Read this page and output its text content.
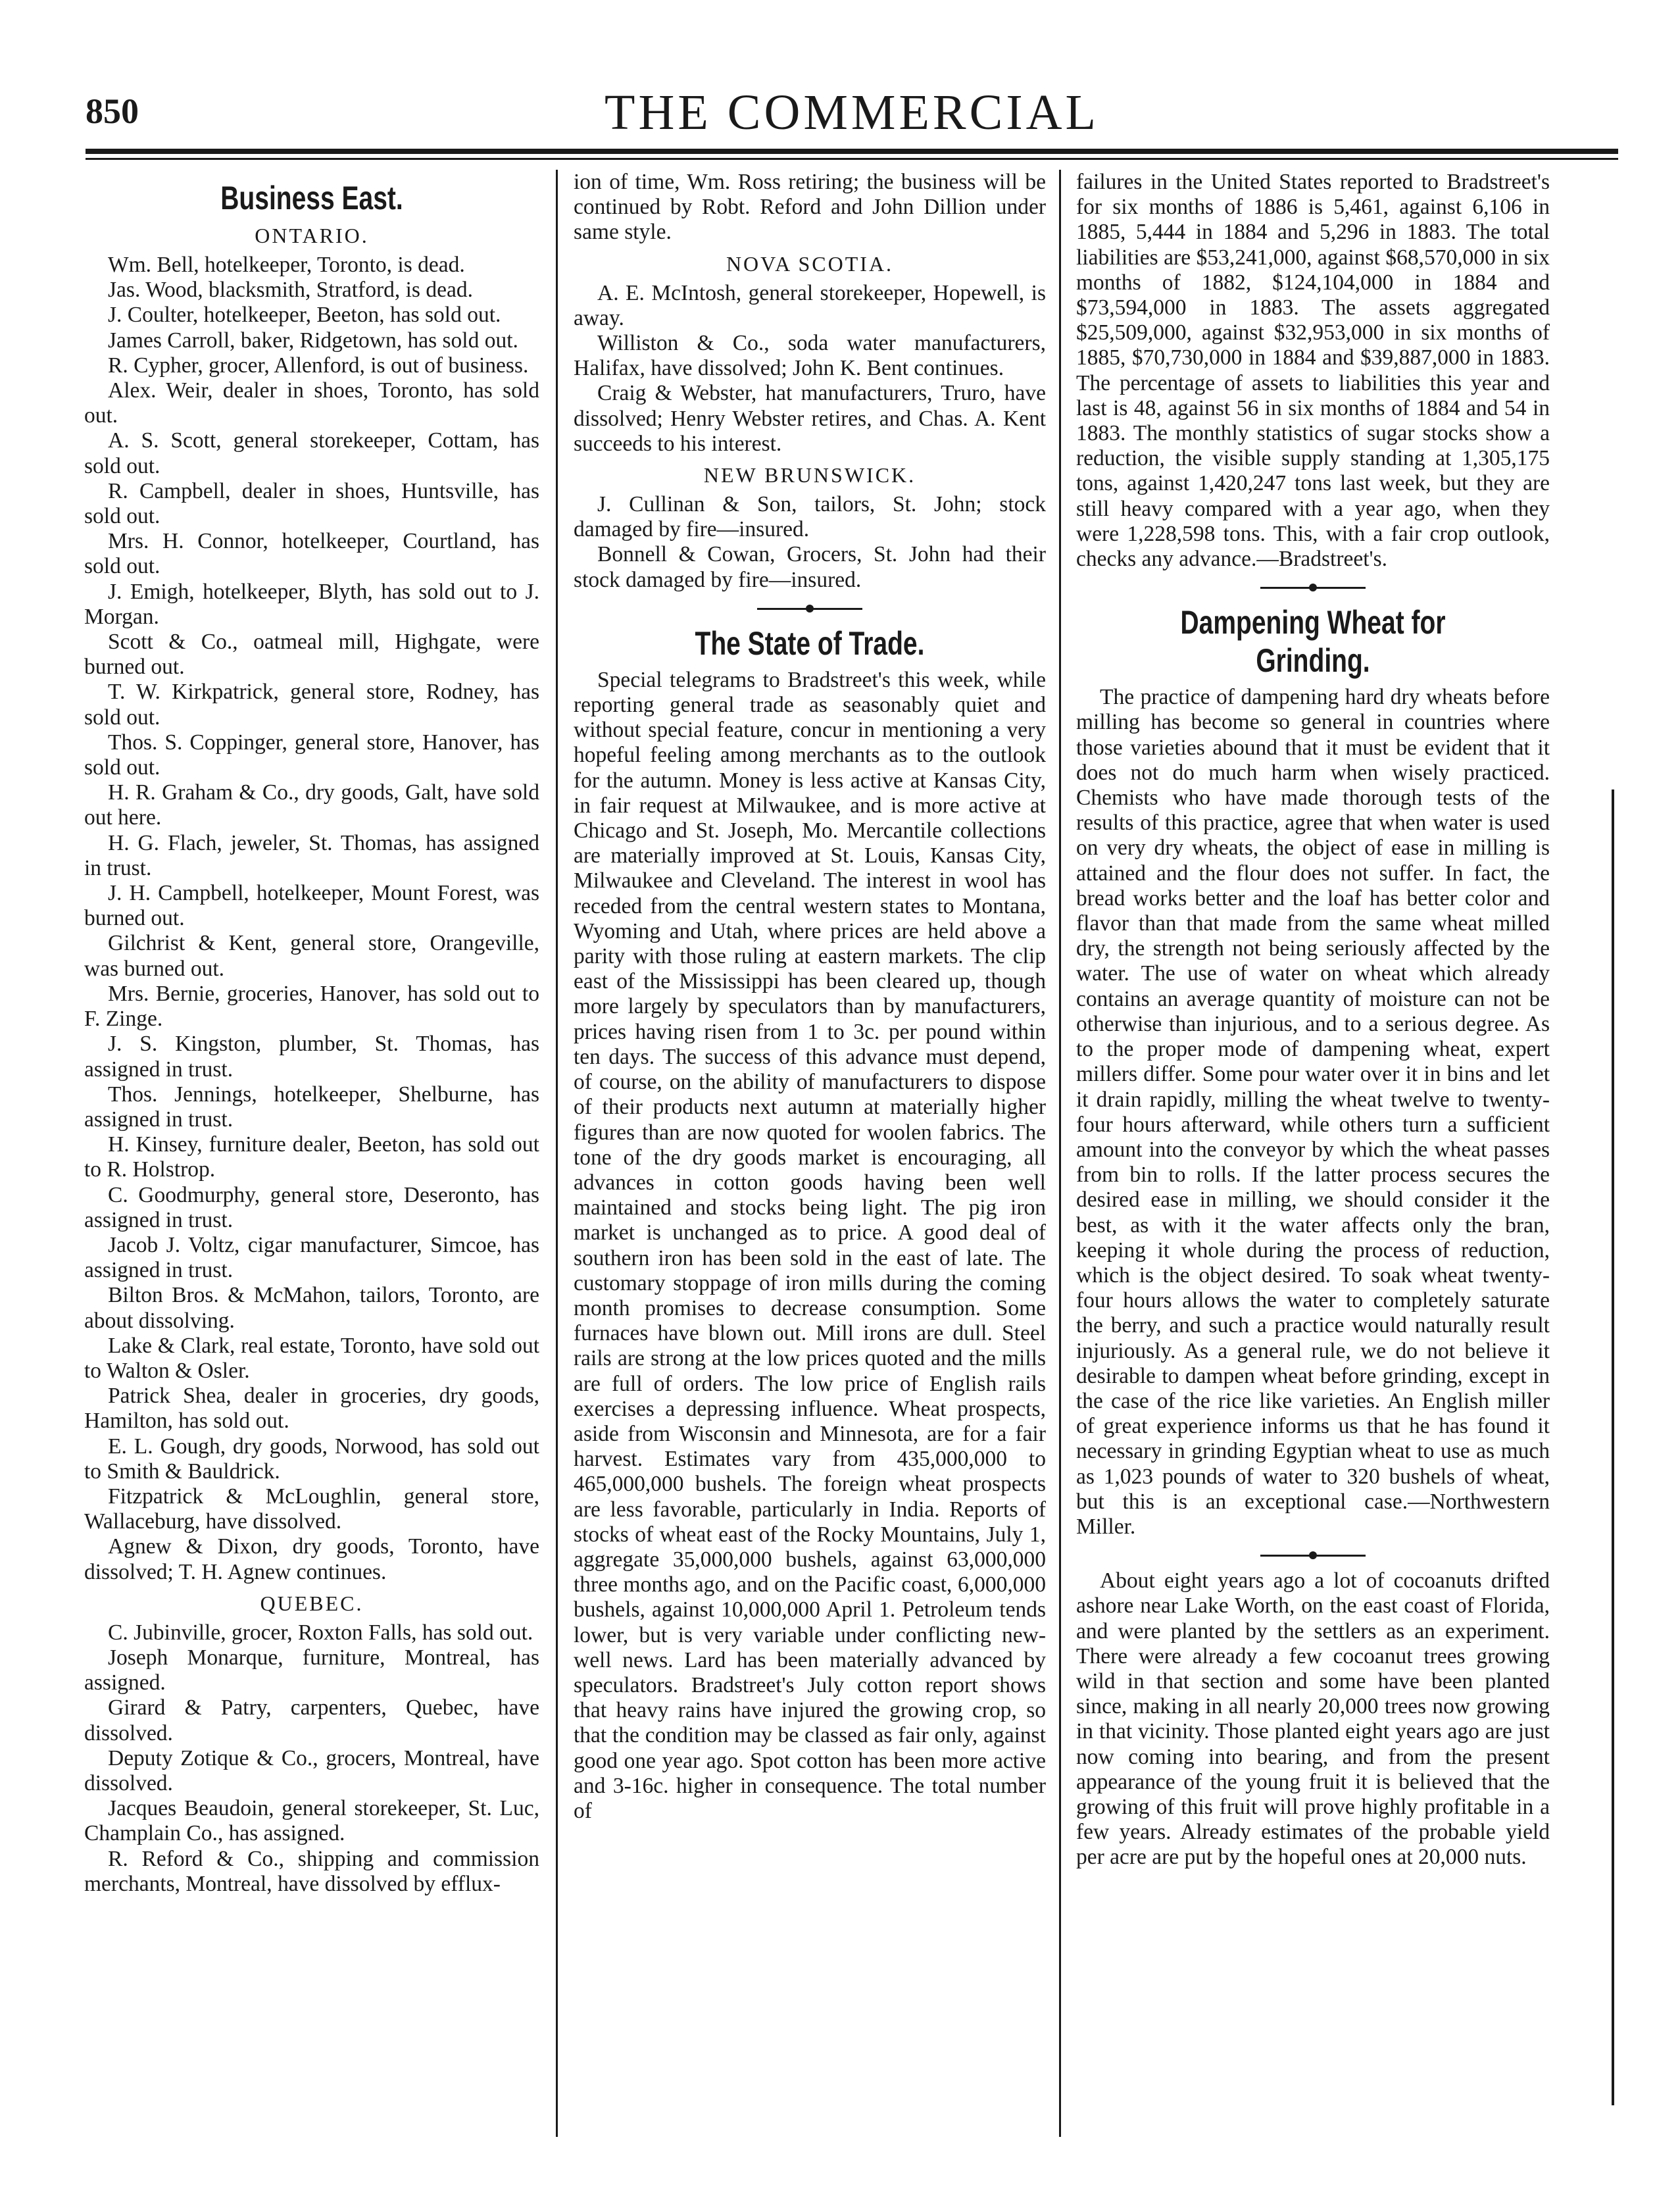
850	THE COMMERCIAL
Business East.
ONTARIO.

Wm. Bell, hotelkeeper, Toronto, is dead.

Jas. Wood, blacksmith, Stratford, is dead.

J. Coulter, hotelkeeper, Beeton, has sold out.

James Carroll, baker, Ridgetown, has sold out.

R. Cypher, grocer, Allenford, is out of business.

Alex. Weir, dealer in shoes, Toronto, has sold out.

A. S. Scott, general storekeeper, Cottam, has sold out.

R. Campbell, dealer in shoes, Huntsville, has sold out.

Mrs. H. Connor, hotelkeeper, Courtland, has sold out.

J. Emigh, hotelkeeper, Blyth, has sold out to J. Morgan.

Scott & Co., oatmeal mill, Highgate, were burned out.

T. W. Kirkpatrick, general store, Rodney, has sold out.

Thos. S. Coppinger, general store, Hanover, has sold out.

H. R. Graham & Co., dry goods, Galt, have sold out here.

H. G. Flach, jeweler, St. Thomas, has assigned in trust.

J. H. Campbell, hotelkeeper, Mount Forest, was burned out.

Gilchrist & Kent, general store, Orangeville, was burned out.

Mrs. Bernie, groceries, Hanover, has sold out to F. Zinge.

J. S. Kingston, plumber, St. Thomas, has assigned in trust.

Thos. Jennings, hotelkeeper, Shelburne, has assigned in trust.

H. Kinsey, furniture dealer, Beeton, has sold out to R. Holstrop.

C. Goodmurphy, general store, Deseronto, has assigned in trust.

Jacob J. Voltz, cigar manufacturer, Simcoe, has assigned in trust.

Bilton Bros. & McMahon, tailors, Toronto, are about dissolving.

Lake & Clark, real estate, Toronto, have sold out to Walton & Osler.

Patrick Shea, dealer in groceries, dry goods, Hamilton, has sold out.

E. L. Gough, dry goods, Norwood, has sold out to Smith & Bauldrick.

Fitzpatrick & McLoughlin, general store, Wallaceburg, have dissolved.

Agnew & Dixon, dry goods, Toronto, have dissolved; T. H. Agnew continues.

QUEBEC.

C. Jubinville, grocer, Roxton Falls, has sold out.

Joseph Monarque, furniture, Montreal, has assigned.

Girard & Patry, carpenters, Quebec, have dissolved.

Deputy Zotique & Co., grocers, Montreal, have dissolved.

Jacques Beaudoin, general storekeeper, St. Luc, Champlain Co., has assigned.

R. Reford & Co., shipping and commission merchants, Montreal, have dissolved by efflux-

ion of time, Wm. Ross retiring; the business will be continued by Robt. Reford and John Dillion under same style.

NOVA SCOTIA.

A. E. McIntosh, general storekeeper, Hopewell, is away.

Williston & Co., soda water manufacturers, Halifax, have dissolved; John K. Bent continues.

Craig & Webster, hat manufacturers, Truro, have dissolved; Henry Webster retires, and Chas. A. Kent succeeds to his interest.

NEW BRUNSWICK.

J. Cullinan & Son, tailors, St. John; stock damaged by fire—insured.

Bonnell & Cowan, Grocers, St. John had their stock damaged by fire—insured.

The State of Trade.

Special telegrams to Bradstreet's this week, while reporting general trade as seasonably quiet and without special feature, concur in mentioning a very hopeful feeling among merchants as to the outlook for the autumn. Money is less active at Kansas City, in fair request at Milwaukee, and is more active at Chicago and St. Joseph, Mo. Mercantile collections are materially improved at St. Louis, Kansas City, Milwaukee and Cleveland. The interest in wool has receded from the central western states to Montana, Wyoming and Utah, where prices are held above a parity with those ruling at eastern markets. The clip east of the Mississippi has been cleared up, though more largely by speculators than by manufacturers, prices having risen from 1 to 3c. per pound within ten days. The success of this advance must depend, of course, on the ability of manufacturers to dispose of their products next autumn at materially higher figures than are now quoted for woolen fabrics. The tone of the dry goods market is encouraging, all advances in cotton goods having been well maintained and stocks being light. The pig iron market is unchanged as to price. A good deal of southern iron has been sold in the east of late. The customary stoppage of iron mills during the coming month promises to decrease consumption. Some furnaces have blown out. Mill irons are dull. Steel rails are strong at the low prices quoted and the mills are full of orders. The low price of English rails exercises a depressing influence. Wheat prospects, aside from Wisconsin and Minnesota, are for a fair harvest. Estimates vary from 435,000,000 to 465,000,000 bushels. The foreign wheat prospects are less favorable, particularly in India. Reports of stocks of wheat east of the Rocky Mountains, July 1, aggregate 35,000,000 bushels, against 63,000,000 three months ago, and on the Pacific coast, 6,000,000 bushels, against 10,000,000 April 1. Petroleum tends lower, but is very variable under conflicting new-well news. Lard has been materially advanced by speculators. Bradstreet's July cotton report shows that heavy rains have injured the growing crop, so that the condition may be classed as fair only, against good one year ago. Spot cotton has been more active and 3-16c. higher in consequence. The total number of

failures in the United States reported to Bradstreet's for six months of 1886 is 5,461, against 6,106 in 1885, 5,444 in 1884 and 5,296 in 1883. The total liabilities are $53,241,000, against $68,570,000 in six months of 1882, $124,104,000 in 1884 and $73,594,000 in 1883. The assets aggregated $25,509,000, against $32,953,000 in six months of 1885, $70,730,000 in 1884 and $39,887,000 in 1883. The percentage of assets to liabilities this year and last is 48, against 56 in six months of 1884 and 54 in 1883. The monthly statistics of sugar stocks show a reduction, the visible supply standing at 1,305,175 tons, against 1,420,247 tons last week, but they are still heavy compared with a year ago, when they were 1,228,598 tons. This, with a fair crop outlook, checks any advance.—Bradstreet's.

Dampening Wheat for Grinding.

The practice of dampening hard dry wheats before milling has become so general in countries where those varieties abound that it must be evident that it does not do much harm when wisely practiced. Chemists who have made thorough tests of the results of this practice, agree that when water is used on very dry wheats, the object of ease in milling is attained and the flour does not suffer. In fact, the bread works better and the loaf has better color and flavor than that made from the same wheat milled dry, the strength not being seriously affected by the water. The use of water on wheat which already contains an average quantity of moisture can not be otherwise than injurious, and to a serious degree. As to the proper mode of dampening wheat, expert millers differ. Some pour water over it in bins and let it drain rapidly, milling the wheat twelve to twenty-four hours afterward, while others turn a sufficient amount into the conveyor by which the wheat passes from bin to rolls. If the latter process secures the desired ease in milling, we should consider it the best, as with it the water affects only the bran, keeping it whole during the process of reduction, which is the object desired. To soak wheat twenty-four hours allows the water to completely saturate the berry, and such a practice would naturally result injuriously. As a general rule, we do not believe it desirable to dampen wheat before grinding, except in the case of the rice like varieties. An English miller of great experience informs us that he has found it necessary in grinding Egyptian wheat to use as much as 1,023 pounds of water to 320 bushels of wheat, but this is an exceptional case.—Northwestern Miller.

About eight years ago a lot of cocoanuts drifted ashore near Lake Worth, on the east coast of Florida, and were planted by the settlers as an experiment. There were already a few cocoanut trees growing wild in that section and some have been planted since, making in all nearly 20,000 trees now growing in that vicinity. Those planted eight years ago are just now coming into bearing, and from the present appearance of the young fruit it is believed that the growing of this fruit will prove highly profitable in a few years. Already estimates of the probable yield per acre are put by the hopeful ones at 20,000 nuts.
